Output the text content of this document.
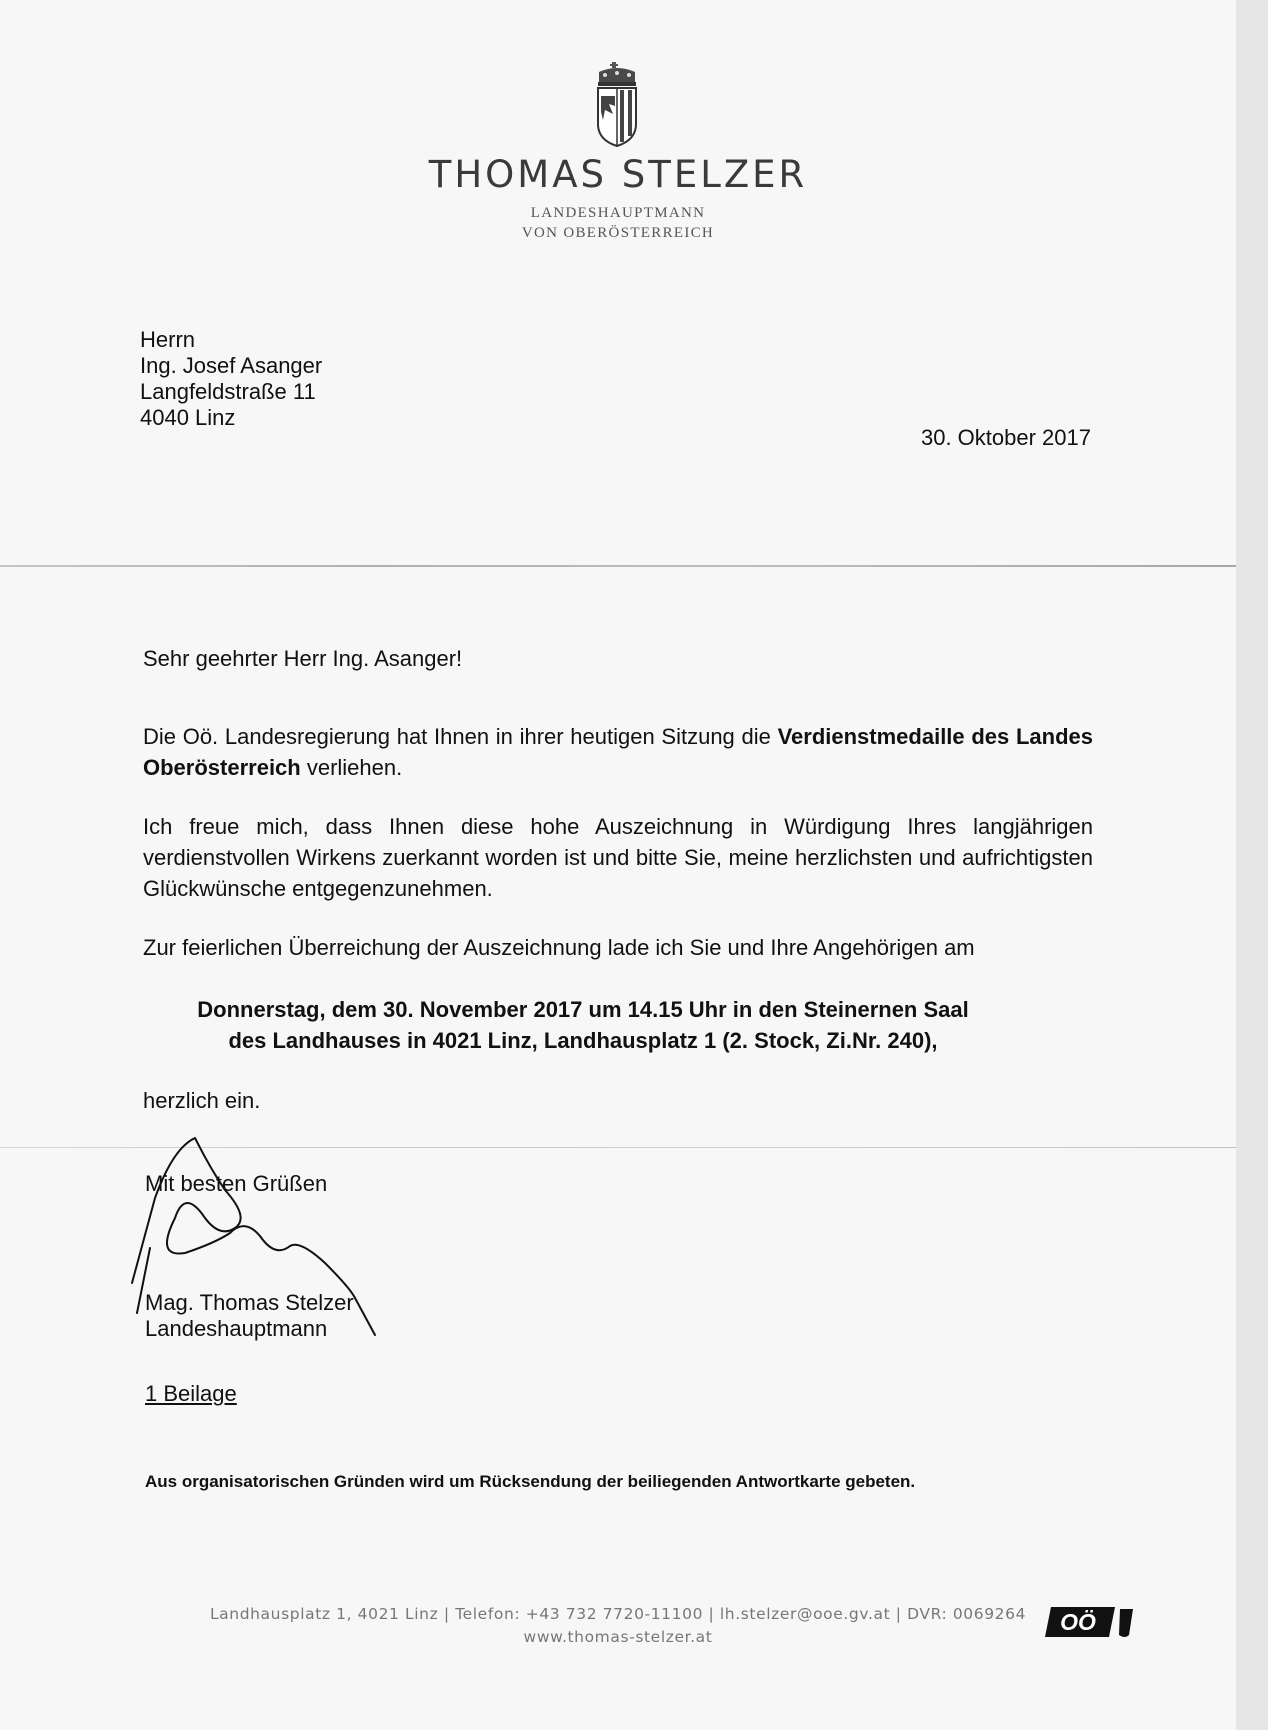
THOMAS STELZER
LANDESHAUPTMANN
VON OBERÖSTERREICH
Herrn
Ing. Josef Asanger
Langfeldstraße 11
4040 Linz
30. Oktober 2017
Sehr geehrter Herr Ing. Asanger!
Die Oö. Landesregierung hat Ihnen in ihrer heutigen Sitzung die Verdienstmedaille des Landes Oberösterreich verliehen.
Ich freue mich, dass Ihnen diese hohe Auszeichnung in Würdigung Ihres langjährigen verdienstvollen Wirkens zuerkannt worden ist und bitte Sie, meine herzlichsten und aufrichtigsten Glückwünsche entgegenzunehmen.
Zur feierlichen Überreichung der Auszeichnung lade ich Sie und Ihre Angehörigen am
Donnerstag, dem 30. November 2017 um 14.15 Uhr in den Steinernen Saal
des Landhauses in 4021 Linz, Landhausplatz 1 (2. Stock, Zi.Nr. 240),
herzlich ein.
Mit besten Grüßen
Mag. Thomas Stelzer
Landeshauptmann
1 Beilage
Aus organisatorischen Gründen wird um Rücksendung der beiliegenden Antwortkarte gebeten.
Landhausplatz 1, 4021 Linz | Telefon: +43 732 7720-11100 | lh.stelzer@ooe.gv.at | DVR: 0069264
www.thomas-stelzer.at
OÖ
